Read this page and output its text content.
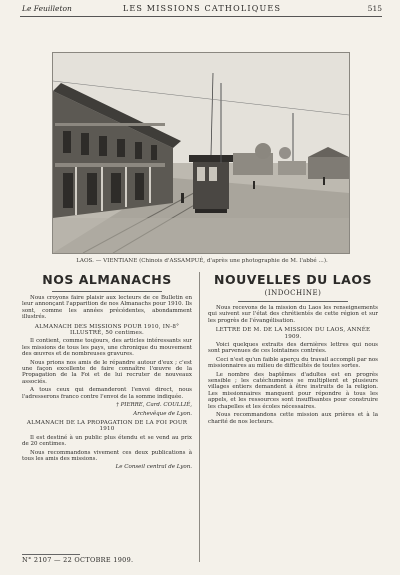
Le Feuilleton	LES MISSIONS CATHOLIQUES	515
LAOS. — VIENTIANE (Chinois d'ASSAMPUÉ, d'après une photographie de M. l'abbé ...).
NOS ALMANACHS

Nous croyons faire plaisir aux lecteurs de ce Bulletin en leur annonçant l'apparition de nos Almanachs pour 1910. Ils sont, comme les années précédentes, abondamment illustrés.

ALMANACH DES MISSIONS POUR 1910, IN-8° ILLUSTRÉ, 50 centimes.

Il contient, comme toujours, des articles intéressants sur les missions de tous les pays, une chronique du mouvement des œuvres et de nombreuses gravures.

Nous prions nos amis de le répandre autour d'eux ; c'est une façon excellente de faire connaître l'œuvre de la Propagation de la Foi et de lui recruter de nouveaux associés.

A tous ceux qui demanderont l'envoi direct, nous l'adresserons franco contre l'envoi de la somme indiquée.

† PIERRE, Card. COULLIÉ,

Archevêque de Lyon.

ALMANACH DE LA PROPAGATION DE LA FOI POUR 1910

Il est destiné à un public plus étendu et se vend au prix de 20 centimes.

Nous recommandons vivement ces deux publications à tous les amis des missions.

Le Conseil central de Lyon.

NOUVELLES DU LAOS
(INDOCHINE)

Nous recevons de la mission du Laos les renseignements qui suivent sur l'état des chrétientés de cette région et sur les progrès de l'évangélisation.

LETTRE DE M. DE LA MISSION DU LAOS, ANNÉE 1909.

Voici quelques extraits des dernières lettres qui nous sont parvenues de ces lointaines contrées.

Ceci n'est qu'un faible aperçu du travail accompli par nos missionnaires au milieu de difficultés de toutes sortes.

Le nombre des baptêmes d'adultes est en progrès sensible ; les catéchumènes se multiplient et plusieurs villages entiers demandent à être instruits de la religion. Les missionnaires manquent pour répondre à tous les appels, et les ressources sont insuffisantes pour construire les chapelles et les écoles nécessaires.

Nous recommandons cette mission aux prières et à la charité de nos lecteurs.

N° 2107 — 22 OCTOBRE 1909.
